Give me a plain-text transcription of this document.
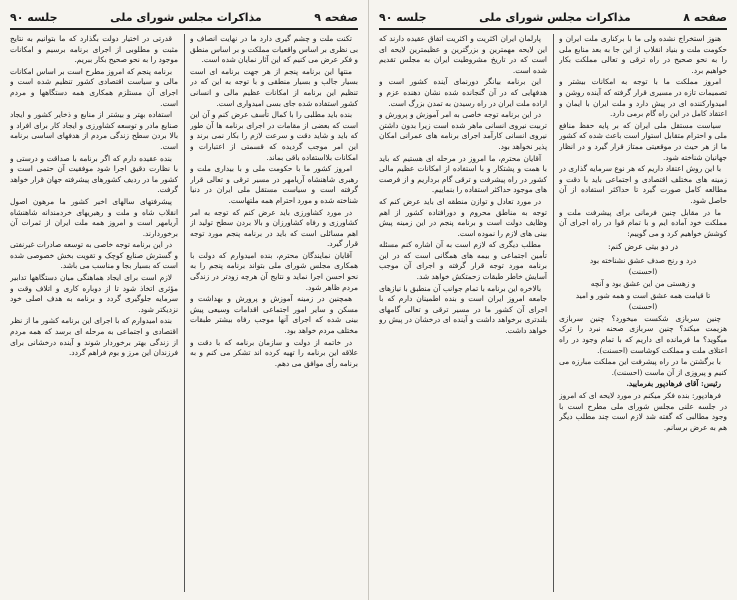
صفحه ۹
مذاکرات مجلس شورای ملی
جلسه ۹۰

تکنت ملت و چشم گیری دارد ما در نهایت انصاف و بی نظری بر اساس واقعیات مملکت و بر اساس منطق و فکر عرض می کنیم که این آثار نمایان شده است.

منتها این برنامه پنجم از هر جهت برنامه ای است بسیار جالب و بسیار منطقی و با توجه به این که در تنظیم این برنامه از امکانات عظیم مالی و انسانی کشور استفاده شده جای بسی امیدواری است.

بنده باید مطلبی را با کمال تأسف عرض کنم و آن این است که بعضی از مقامات در اجرای برنامه ها آن طور که باید و شاید دقت و سرعت لازم را بکار نمی برند و این امر موجب گردیده که قسمتی از اعتبارات و امکانات بلااستفاده باقی بماند.

امروز کشور ما با حکومت ملی و با بیداری ملت و رهبری شاهنشاه آریامهر در مسیر ترقی و تعالی قرار گرفته است و سیاست مستقل ملی ایران در دنیا شناخته شده و مورد احترام همه ملتهاست.

در مورد کشاورزی باید عرض کنم که توجه به امر کشاورزی و رفاه کشاورزان و بالا بردن سطح تولید از اهم مسائلی است که باید در برنامه پنجم مورد توجه قرار گیرد.

آقایان نمایندگان محترم، بنده امیدوارم که دولت با همکاری مجلس شورای ملی بتواند برنامه پنجم را به نحو احسن اجرا نماید و نتایج آن هرچه زودتر در زندگی مردم ظاهر شود.

همچنین در زمینه آموزش و پرورش و بهداشت و مسکن و سایر امور اجتماعی اقدامات وسیعی پیش بینی شده که اجرای آنها موجب رفاه بیشتر طبقات مختلف مردم خواهد بود.

در خاتمه از دولت و سازمان برنامه که با دقت و علاقه این برنامه را تهیه کرده اند تشکر می کنم و به برنامه رأی موافق می دهم.

قدرتی در اختیار دولت بگذارد که ما بتوانیم به نتایج مثبت و مطلوبی از اجرای برنامه برسیم و امکانات موجود را به نحو صحیح بکار ببریم.

برنامه پنجم که امروز مطرح است بر اساس امکانات مالی و سیاست اقتصادی کشور تنظیم شده است و اجرای آن مستلزم همکاری همه دستگاهها و مردم است.

استفاده بهتر و بیشتر از منابع و ذخایر کشور و ایجاد صنایع مادر و توسعه کشاورزی و ایجاد کار برای افراد و بالا بردن سطح زندگی مردم از هدفهای اساسی برنامه است.

بنده عقیده دارم که اگر برنامه با صداقت و درستی و با نظارت دقیق اجرا شود موفقیت آن حتمی است و کشور ما در ردیف کشورهای پیشرفته جهان قرار خواهد گرفت.

پیشرفتهای سالهای اخیر کشور ما مرهون اصول انقلاب شاه و ملت و رهبریهای خردمندانه شاهنشاه آریامهر است و امروز همه ملت ایران از ثمرات آن برخوردارند.

در این برنامه توجه خاصی به توسعه صادرات غیرنفتی و گسترش صنایع کوچک و تقویت بخش خصوصی شده است که بسیار بجا و مناسب می باشد.

لازم است برای ایجاد هماهنگی میان دستگاهها تدابیر مؤثری اتخاذ شود تا از دوباره کاری و اتلاف وقت و سرمایه جلوگیری گردد و برنامه به هدف اصلی خود نزدیکتر شود.

بنده امیدوارم که با اجرای این برنامه کشور ما از نظر اقتصادی و اجتماعی به مرحله ای برسد که همه مردم از زندگی بهتر برخوردار شوند و آینده درخشانی برای فرزندان این مرز و بوم فراهم گردد.

صفحه ۸
مذاکرات مجلس شورای ملی
جلسه ۹۰

هنوز استخراج نشده ولی ما با برکناری ملت ایران و حکومت ملت و بنیاد انقلاب از این جا به بعد منابع ملی را به نحو صحیح در راه ترقی و تعالی مملکت بکار خواهیم برد.

امروز مملکت ما با توجه به امکانات بیشتر و تصمیمات تازه در مسیری قرار گرفته که آینده روشن و امیدوارکننده ای در پیش دارد و ملت ایران با ایمان و اعتقاد کامل در این راه گام برمی دارد.

سیاست مستقل ملی ایران که بر پایه حفظ منافع ملی و احترام متقابل استوار است باعث شده که کشور ما از هر حیث در موقعیتی ممتاز قرار گیرد و در انظار جهانیان شناخته شود.

با این روش اعتقاد داریم که هر نوع سرمایه گذاری در زمینه های مختلف اقتصادی و اجتماعی باید با دقت و مطالعه کامل صورت گیرد تا حداکثر استفاده از آن حاصل شود.

ما در مقابل چنین فرمانی برای پیشرفت ملت و مملکت خود آماده ایم و با تمام قوا در راه اجرای آن کوشش خواهیم کرد و می گوییم:

در دو بیتی عرض کنم:

درد و رنج صدف عشق نشناخته بود

(احسنت)

و زهستی من این عشق بود و آنچه

تا قیامت همه عشق است و همه شور و امید

(احسنت)

چنین سربازی شکست میخورد؟ چنین سربازی هزیمت میکند؟ چنین سربازی صحنه نبرد را ترک میگوید؟ ما فرمانده ای داریم که با تمام وجود در راه اعتلای ملت و مملکت کوشاست (احسنت).

با برگشتن ما در راه پیشرفت این مملکت مبارزه می کنیم و پیروزی از آن ماست (احسنت).

رئیس: آقای فرهادپور بفرمایید.

فرهادپور: بنده فکر میکنم در مورد لایحه ای که امروز در جلسه علنی مجلس شورای ملی مطرح است با وجود مطالبی که گفته شد لازم است چند مطلب دیگر هم به عرض برسانم.

پارلمان ایران اکثریت و اکثریت اتفاق عقیده دارند که این لایحه مهمترین و بزرگترین و عظیمترین لایحه ای است که در تاریخ مشروطیت ایران به مجلس تقدیم شده است.

این برنامه بیانگر دورنمای آینده کشور است و هدفهایی که در آن گنجانده شده نشان دهنده عزم و اراده ملت ایران در راه رسیدن به تمدن بزرگ است.

در این برنامه توجه خاصی به امر آموزش و پرورش و تربیت نیروی انسانی ماهر شده است زیرا بدون داشتن نیروی انسانی کارآمد اجرای برنامه های عمرانی امکان پذیر نخواهد بود.

آقایان محترم، ما امروز در مرحله ای هستیم که باید با همت و پشتکار و با استفاده از امکانات عظیم مالی کشور در راه پیشرفت و ترقی گام برداریم و از فرصت های موجود حداکثر استفاده را بنماییم.

در مورد تعادل و توازن منطقه ای باید عرض کنم که توجه به مناطق محروم و دورافتاده کشور از اهم وظایف دولت است و برنامه پنجم در این زمینه پیش بینی های لازم را نموده است.

مطلب دیگری که لازم است به آن اشاره کنم مسئله تأمین اجتماعی و بیمه های همگانی است که در این برنامه مورد توجه قرار گرفته و اجرای آن موجب آسایش خاطر طبقات زحمتکش خواهد شد.

بالاخره این برنامه با تمام جوانب آن منطبق با نیازهای جامعه امروز ایران است و بنده اطمینان دارم که با اجرای آن کشور ما در مسیر ترقی و تعالی گامهای بلندتری برخواهد داشت و آینده ای درخشان در پیش رو خواهد داشت.
